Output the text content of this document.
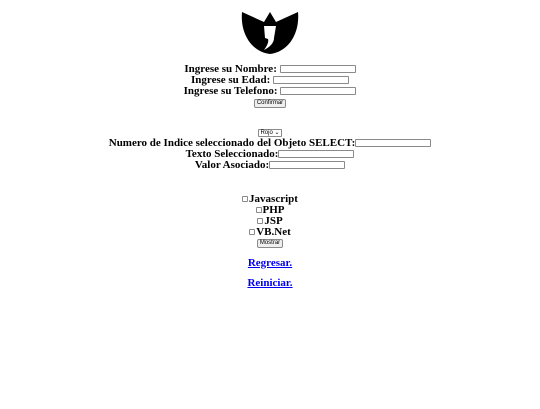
Ingrese su Nombre:
Ingrese su Edad:
Ingrese su Telefono:
Confirmar
Rojo ⌄
Numero de Indice seleccionado del Objeto SELECT:
Texto Seleccionado:
Valor Asociado:
Javascript
PHP
JSP
VB.Net
Mostrar
Regresar.
Reiniciar.
